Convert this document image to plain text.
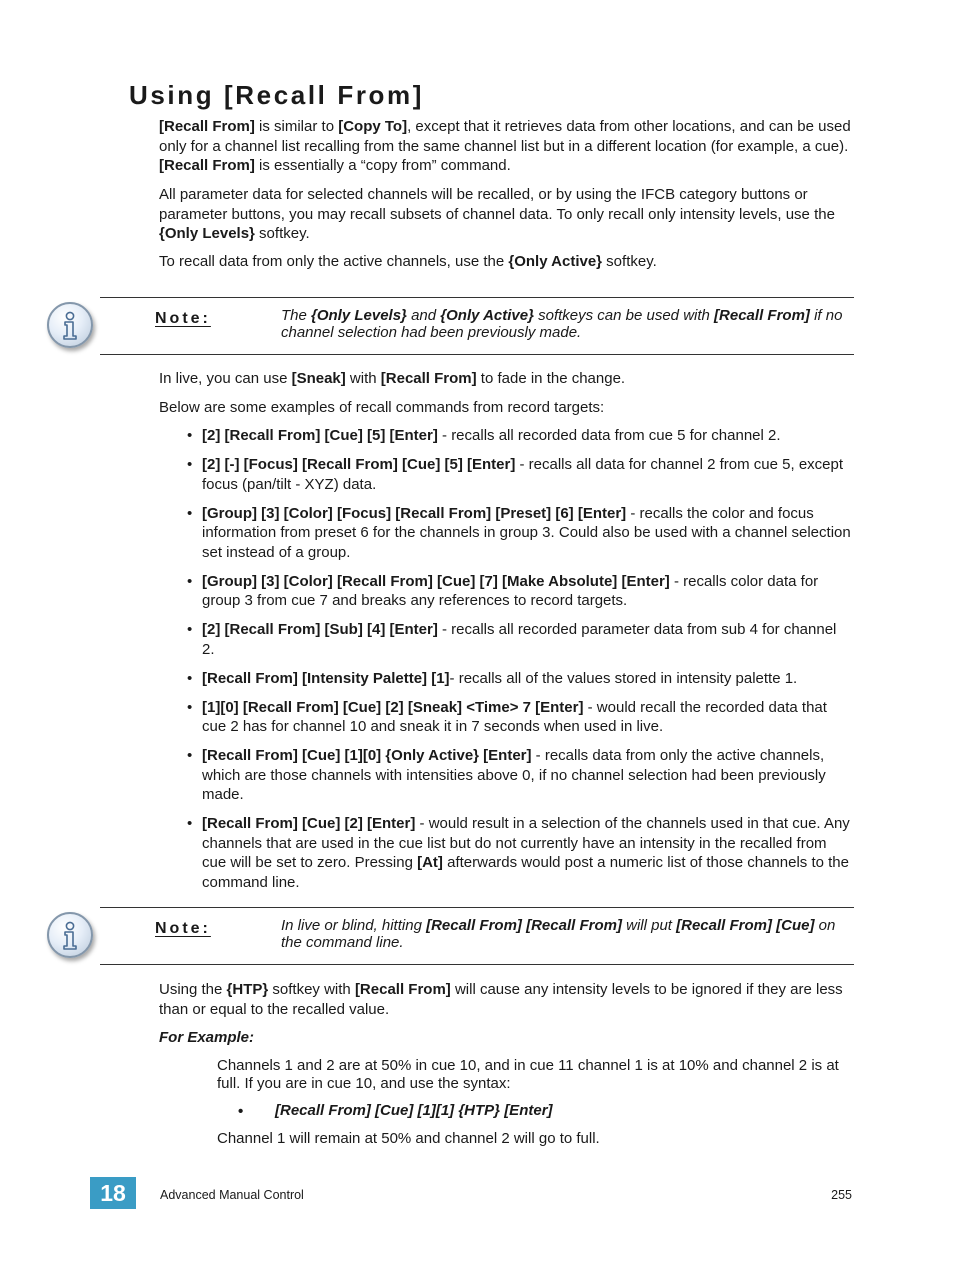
Using [Recall From]

[Recall From] is similar to [Copy To], except that it retrieves data from other locations, and can be used only for a channel list recalling from the same channel list but in a different location (for example, a cue). [Recall From] is essentially a “copy from” command.

All parameter data for selected channels will be recalled, or by using the IFCB category buttons or parameter buttons, you may recall subsets of channel data. To only recall only intensity levels, use the {Only Levels} softkey.

To recall data from only the active channels, use the {Only Active} softkey.

Note:	The {Only Levels} and {Only Active} softkeys can be used with [Recall From] if no channel selection had been previously made.

In live, you can use [Sneak] with [Recall From] to fade in the change.

Below are some examples of recall commands from record targets:

• [2] [Recall From] [Cue] [5] [Enter] - recalls all recorded data from cue 5 for channel 2.
• [2] [-] [Focus] [Recall From] [Cue] [5] [Enter] - recalls all data for channel 2 from cue 5, except focus (pan/tilt - XYZ) data.
• [Group] [3] [Color] [Focus] [Recall From] [Preset] [6] [Enter] - recalls the color and focus information from preset 6 for the channels in group 3. Could also be used with a channel selection set instead of a group.
• [Group] [3] [Color] [Recall From] [Cue] [7] [Make Absolute] [Enter] - recalls color data for group 3 from cue 7 and breaks any references to record targets.
• [2] [Recall From] [Sub] [4] [Enter] - recalls all recorded parameter data from sub 4 for channel 2.
• [Recall From] [Intensity Palette] [1]- recalls all of the values stored in intensity palette 1.
• [1][0] [Recall From] [Cue] [2] [Sneak] <Time> 7 [Enter] - would recall the recorded data that cue 2 has for channel 10 and sneak it in 7 seconds when used in live.
• [Recall From] [Cue] [1][0] {Only Active} [Enter] - recalls data from only the active channels, which are those channels with intensities above 0, if no channel selection had been previously made.
• [Recall From] [Cue] [2] [Enter] - would result in a selection of the channels used in that cue. Any channels that are used in the cue list but do not currently have an intensity in the recalled from cue will be set to zero. Pressing [At] afterwards would post a numeric list of those channels to the command line.
Note:	In live or blind, hitting [Recall From] [Recall From] will put [Recall From] [Cue] on the command line.

Using the {HTP} softkey with [Recall From] will cause any intensity levels to be ignored if they are less than or equal to the recalled value.

For Example:

Channels 1 and 2 are at 50% in cue 10, and in cue 11 channel 1 is at 10% and channel 2 is at full. If you are in cue 10, and use the syntax:

• [Recall From] [Cue] [1][1] {HTP} [Enter]

Channel 1 will remain at 50% and channel 2 will go to full.

18	Advanced Manual Control	255
